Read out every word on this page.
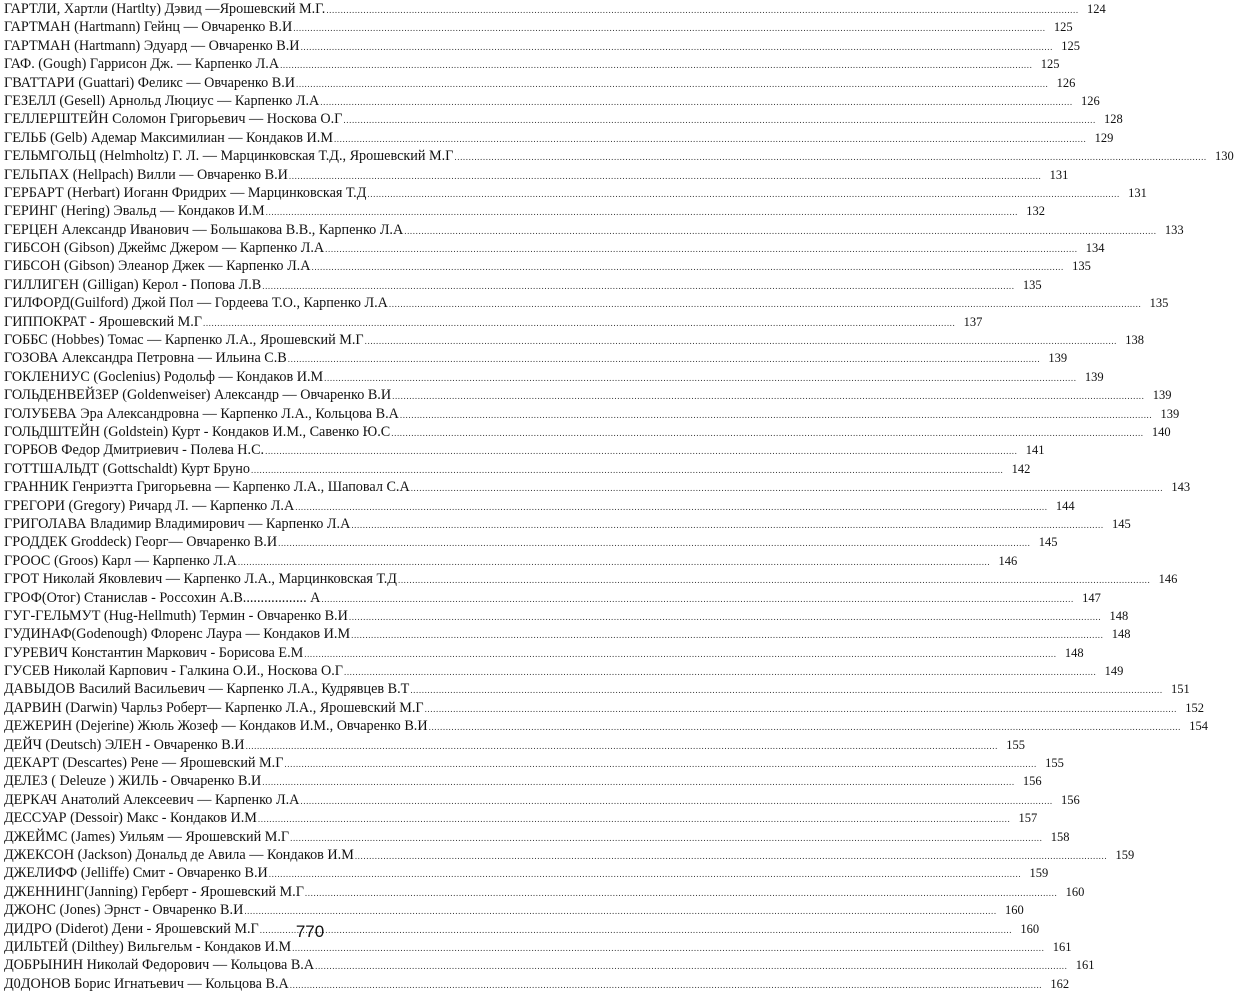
ГАРТЛИ, Хартли (Hartlty) Дэвид —Ярошевский М.Г. .....	124
ГАРТМАН (Hartmann) Гейнц — Овчаренко В.И .....	125
ГАРТМАН (Hartmann) Эдуард — Овчаренко В.И .....	125
ГАФ. (Gough) Гаррисон Дж. — Карпенко Л.А .....	125
ГВАТТАРИ (Guattari) Феликс — Овчаренко В.И .....	126
ГЕЗЕЛЛ (Gesell) Арнольд Люциус — Карпенко Л.А .....	126
ГЕЛЛЕРШТЕЙН Соломон Григорьевич — Носкова О.Г .....	128
ГЕЛЬБ (Gelb) Адемар Максимилиан — Кондаков И.М .....	129
ГЕЛЬМГОЛЬЦ (Helmholtz) Г. Л. — Марцинковская Т.Д., Ярошевский М.Г .....	130
ГЕЛЬПАХ (Hellpach) Вилли — Овчаренко В.И .....	131
ГЕРБАРТ (Herbart) Иоганн Фридрих — Марцинковская Т.Д .....	131
ГЕРИНГ (Hering) Эвальд — Кондаков И.М .....	132
ГЕРЦЕН Александр Иванович — Большакова В.В., Карпенко Л.А .....	133
ГИБСОН (Gibson) Джеймс Джером — Карпенко Л.А .....	134
ГИБСОН (Gibson) Элеанор Джек — Карпенко Л.А .....	135
ГИЛЛИГЕН (Gilligan) Керол - Попова Л.В .....	135
ГИЛФОРД(Guilford) Джой Пол — Гордеева Т.О., Карпенко Л.А .....	135
ГИППОКРАТ - Ярошевский М.Г .....	137
ГОББС (Hobbes) Томас — Карпенко Л.А., Ярошевский М.Г .....	138
ГОЗОВА Александра Петровна — Ильина С.В .....	139
ГОКЛЕНИУС (Goclenius) Родольф — Кондаков И.М .....	139
ГОЛЬДЕНВЕЙЗЕР (Goldenweiser) Александр — Овчаренко В.И .....	139
ГОЛУБЕВА Эра Александровна — Карпенко Л.А., Кольцова В.А .....	139
ГОЛЬДШТЕЙН (Goldstein) Курт - Кондаков И.М., Савенко Ю.С .....	140
ГОРБОВ Федор Дмитриевич - Полева Н.С. .....	141
ГОТТШАЛЬДТ (Gottschaldt) Курт Бруно .....	142
ГРАННИК Генриэтта Григорьевна — Карпенко Л.А., Шаповал С.А .....	143
ГРЕГОРИ (Gregory) Ричард Л. — Карпенко Л.А .....	144
ГРИГОЛАВА Владимир Владимирович — Карпенко Л.А .....	145
ГРОДДЕК Groddeck) Георг— Овчаренко В.И .....	145
ГРООС (Groos) Карл — Карпенко Л.А .....	146
ГРОТ Николай Яковлевич — Карпенко Л.А., Марцинковская Т.Д .....	146
ГРОФ(Отог) Станислав - Россохин А.В.................. А .....	147
ГУГ-ГЕЛЬМУТ (Hug-Hellmuth) Термин - Овчаренко В.И .....	148
ГУДИНАФ(Godenough) Флоренс Лаура — Кондаков И.М .....	148
ГУРЕВИЧ Константин Маркович - Борисова Е.М .....	148
ГУСЕВ Николай Карпович - Галкина О.И., Носкова О.Г .....	149
ДАВЫДОВ Василий Васильевич — Карпенко Л.А., Кудрявцев В.Т .....	151
ДАРВИН (Darwin) Чарльз Роберт— Карпенко Л.А., Ярошевский М.Г .....	152
ДЕЖЕРИН (Dejerine) Жюль Жозеф — Кондаков И.М., Овчаренко В.И .....	154
ДЕЙЧ (Deutsch) ЭЛЕН - Овчаренко В.И .....	155
ДЕКАРТ (Descartes) Рене — Ярошевский М.Г .....	155
ДЕЛЕЗ ( Deleuze ) ЖИЛЬ - Овчаренко В.И .....	156
ДЕРКАЧ Анатолий Алексеевич — Карпенко Л.А .....	156
ДЕССУАР (Dessoir) Макс - Кондаков И.М .....	157
ДЖЕЙМС (James) Уильям — Ярошевский М.Г .....	158
ДЖЕКСОН (Jackson) Дональд де Авила — Кондаков И.М .....	159
ДЖЕЛИФФ (Jelliffe) Смит - Овчаренко В.И .....	159
ДЖЕННИНГ(Janning) Герберт - Ярошевский М.Г .....	160
ДЖОНС (Jones) Эрнст - Овчаренко В.И .....	160
ДИДРО (Diderot) Дени - Ярошевский М.Г .....	160
ДИЛЬТЕЙ (Dilthey) Вильгельм - Кондаков И.М .....	161
ДОБРЫНИН Николай Федорович — Кольцова В.А .....	161
Д0ДОНОВ Борис Игнатьевич — Кольцова В.А .....	162
770
